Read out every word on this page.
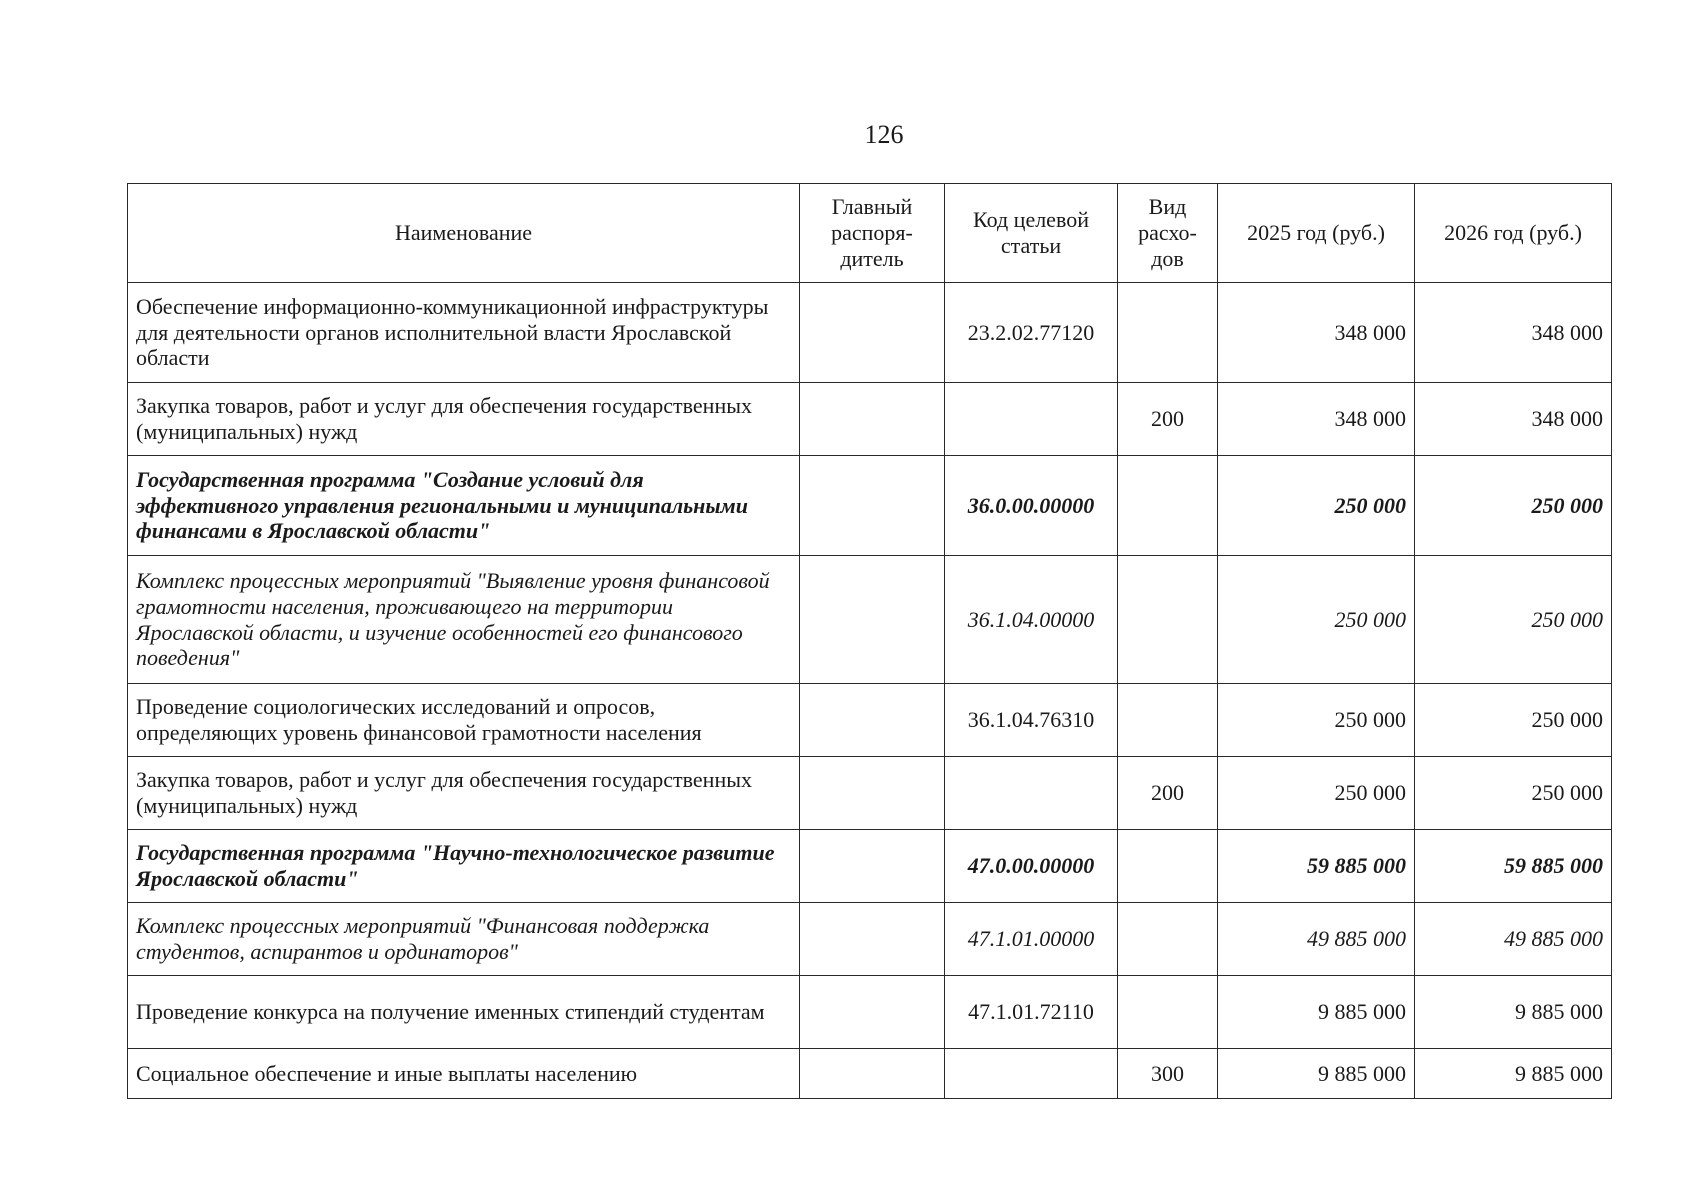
126
Наименование	Главный распоря-дитель	Код целевой статьи	Вид расхо-дов	2025 год (руб.)	2026 год (руб.)
Обеспечение информационно-коммуникационной инфраструктуры для деятельности органов исполнительной власти Ярославской области		23.2.02.77120		348 000	348 000
Закупка товаров, работ и услуг для обеспечения государственных (муниципальных) нужд			200	348 000	348 000
Государственная программа "Создание условий для эффективного управления региональными и муниципальными финансами в Ярославской области"		36.0.00.00000		250 000	250 000
Комплекс процессных мероприятий "Выявление уровня финансовой грамотности населения, проживающего на территории Ярославской области, и изучение особенностей его финансового поведения"		36.1.04.00000		250 000	250 000
Проведение социологических исследований и опросов, определяющих уровень финансовой грамотности населения		36.1.04.76310		250 000	250 000
Закупка товаров, работ и услуг для обеспечения государственных (муниципальных) нужд			200	250 000	250 000
Государственная программа "Научно-технологическое развитие Ярославской области"		47.0.00.00000		59 885 000	59 885 000
Комплекс процессных мероприятий "Финансовая поддержка студентов, аспирантов и ординаторов"		47.1.01.00000		49 885 000	49 885 000
Проведение конкурса на получение именных стипендий студентам		47.1.01.72110		9 885 000	9 885 000
Социальное обеспечение и иные выплаты населению			300	9 885 000	9 885 000
